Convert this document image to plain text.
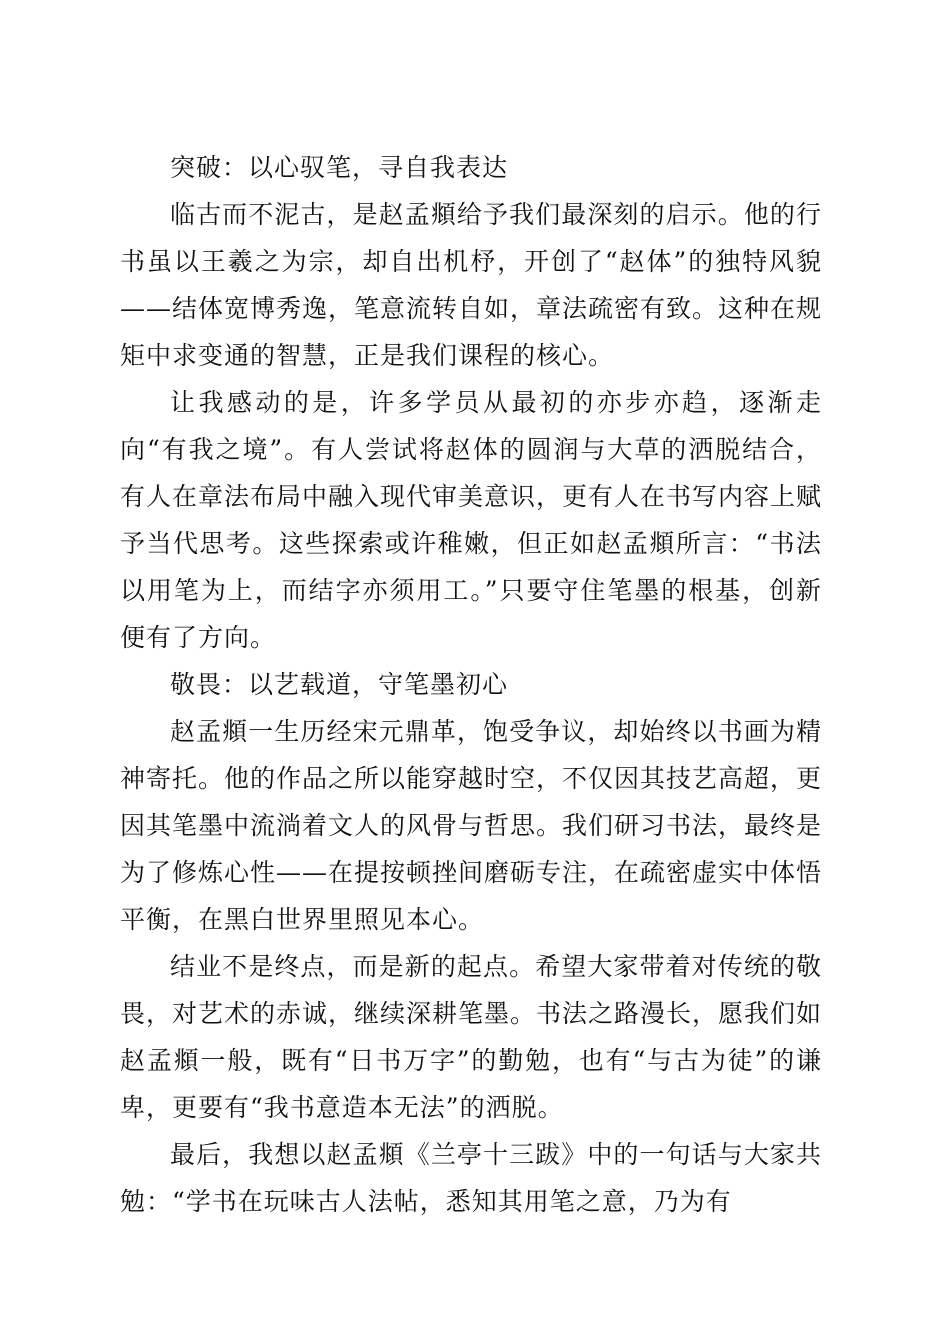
突破：以心驭笔，寻自我表达

临古而不泥古，是赵孟頫给予我们最深刻的启示。他的行书虽以王羲之为宗，却自出机杼，开创了“赵体”的独特风貌——结体宽博秀逸，笔意流转自如，章法疏密有致。这种在规矩中求变通的智慧，正是我们课程的核心。

让我感动的是，许多学员从最初的亦步亦趋，逐渐走向“有我之境”。有人尝试将赵体的圆润与大草的洒脱结合，有人在章法布局中融入现代审美意识，更有人在书写内容上赋予当代思考。这些探索或许稚嫩，但正如赵孟頫所言：“书法以用笔为上，而结字亦须用工。”只要守住笔墨的根基，创新便有了方向。

敬畏：以艺载道，守笔墨初心

赵孟頫一生历经宋元鼎革，饱受争议，却始终以书画为精神寄托。他的作品之所以能穿越时空，不仅因其技艺高超，更因其笔墨中流淌着文人的风骨与哲思。我们研习书法，最终是为了修炼心性——在提按顿挫间磨砺专注，在疏密虚实中体悟平衡，在黑白世界里照见本心。

结业不是终点，而是新的起点。希望大家带着对传统的敬畏，对艺术的赤诚，继续深耕笔墨。书法之路漫长，愿我们如赵孟頫一般，既有“日书万字”的勤勉，也有“与古为徒”的谦卑，更要有“我书意造本无法”的洒脱。

最后，我想以赵孟頫《兰亭十三跋》中的一句话与大家共勉：“学书在玩味古人法帖，悉知其用笔之意，乃为有
